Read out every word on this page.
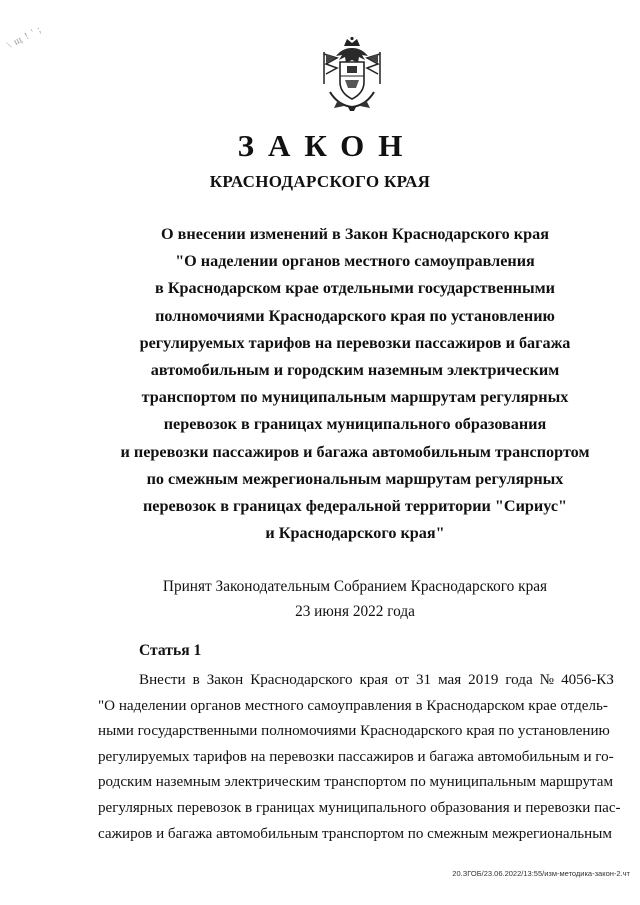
\ щ ! ' ;
ЗАКОН
КРАСНОДАРСКОГО КРАЯ
О внесении изменений в Закон Краснодарского края
"О наделении органов местного самоуправления
в Краснодарском крае отдельными государственными
полномочиями Краснодарского края по установлению
регулируемых тарифов на перевозки пассажиров и багажа
автомобильным и городским наземным электрическим
транспортом по муниципальным маршрутам регулярных
перевозок в границах муниципального образования
и перевозки пассажиров и багажа автомобильным транспортом
по смежным межрегиональным маршрутам регулярных
перевозок в границах федеральной территории "Сириус"
и Краснодарского края"
Принят Законодательным Собранием Краснодарского края
23 июня 2022 года
Статья 1
Внести в Закон Краснодарского края от 31 мая 2019 года № 4056-КЗ
"О наделении органов местного самоуправления в Краснодарском крае отдель-
ными государственными полномочиями Краснодарского края по установлению
регулируемых тарифов на перевозки пассажиров и багажа автомобильным и го-
родским наземным электрическим транспортом по муниципальным маршрутам
регулярных перевозок в границах муниципального образования и перевозки пас-
сажиров и багажа автомобильным транспортом по смежным межрегиональным
20.ЗГОБ/23.06.2022/13:55/изм-методика-закон-2.чт
